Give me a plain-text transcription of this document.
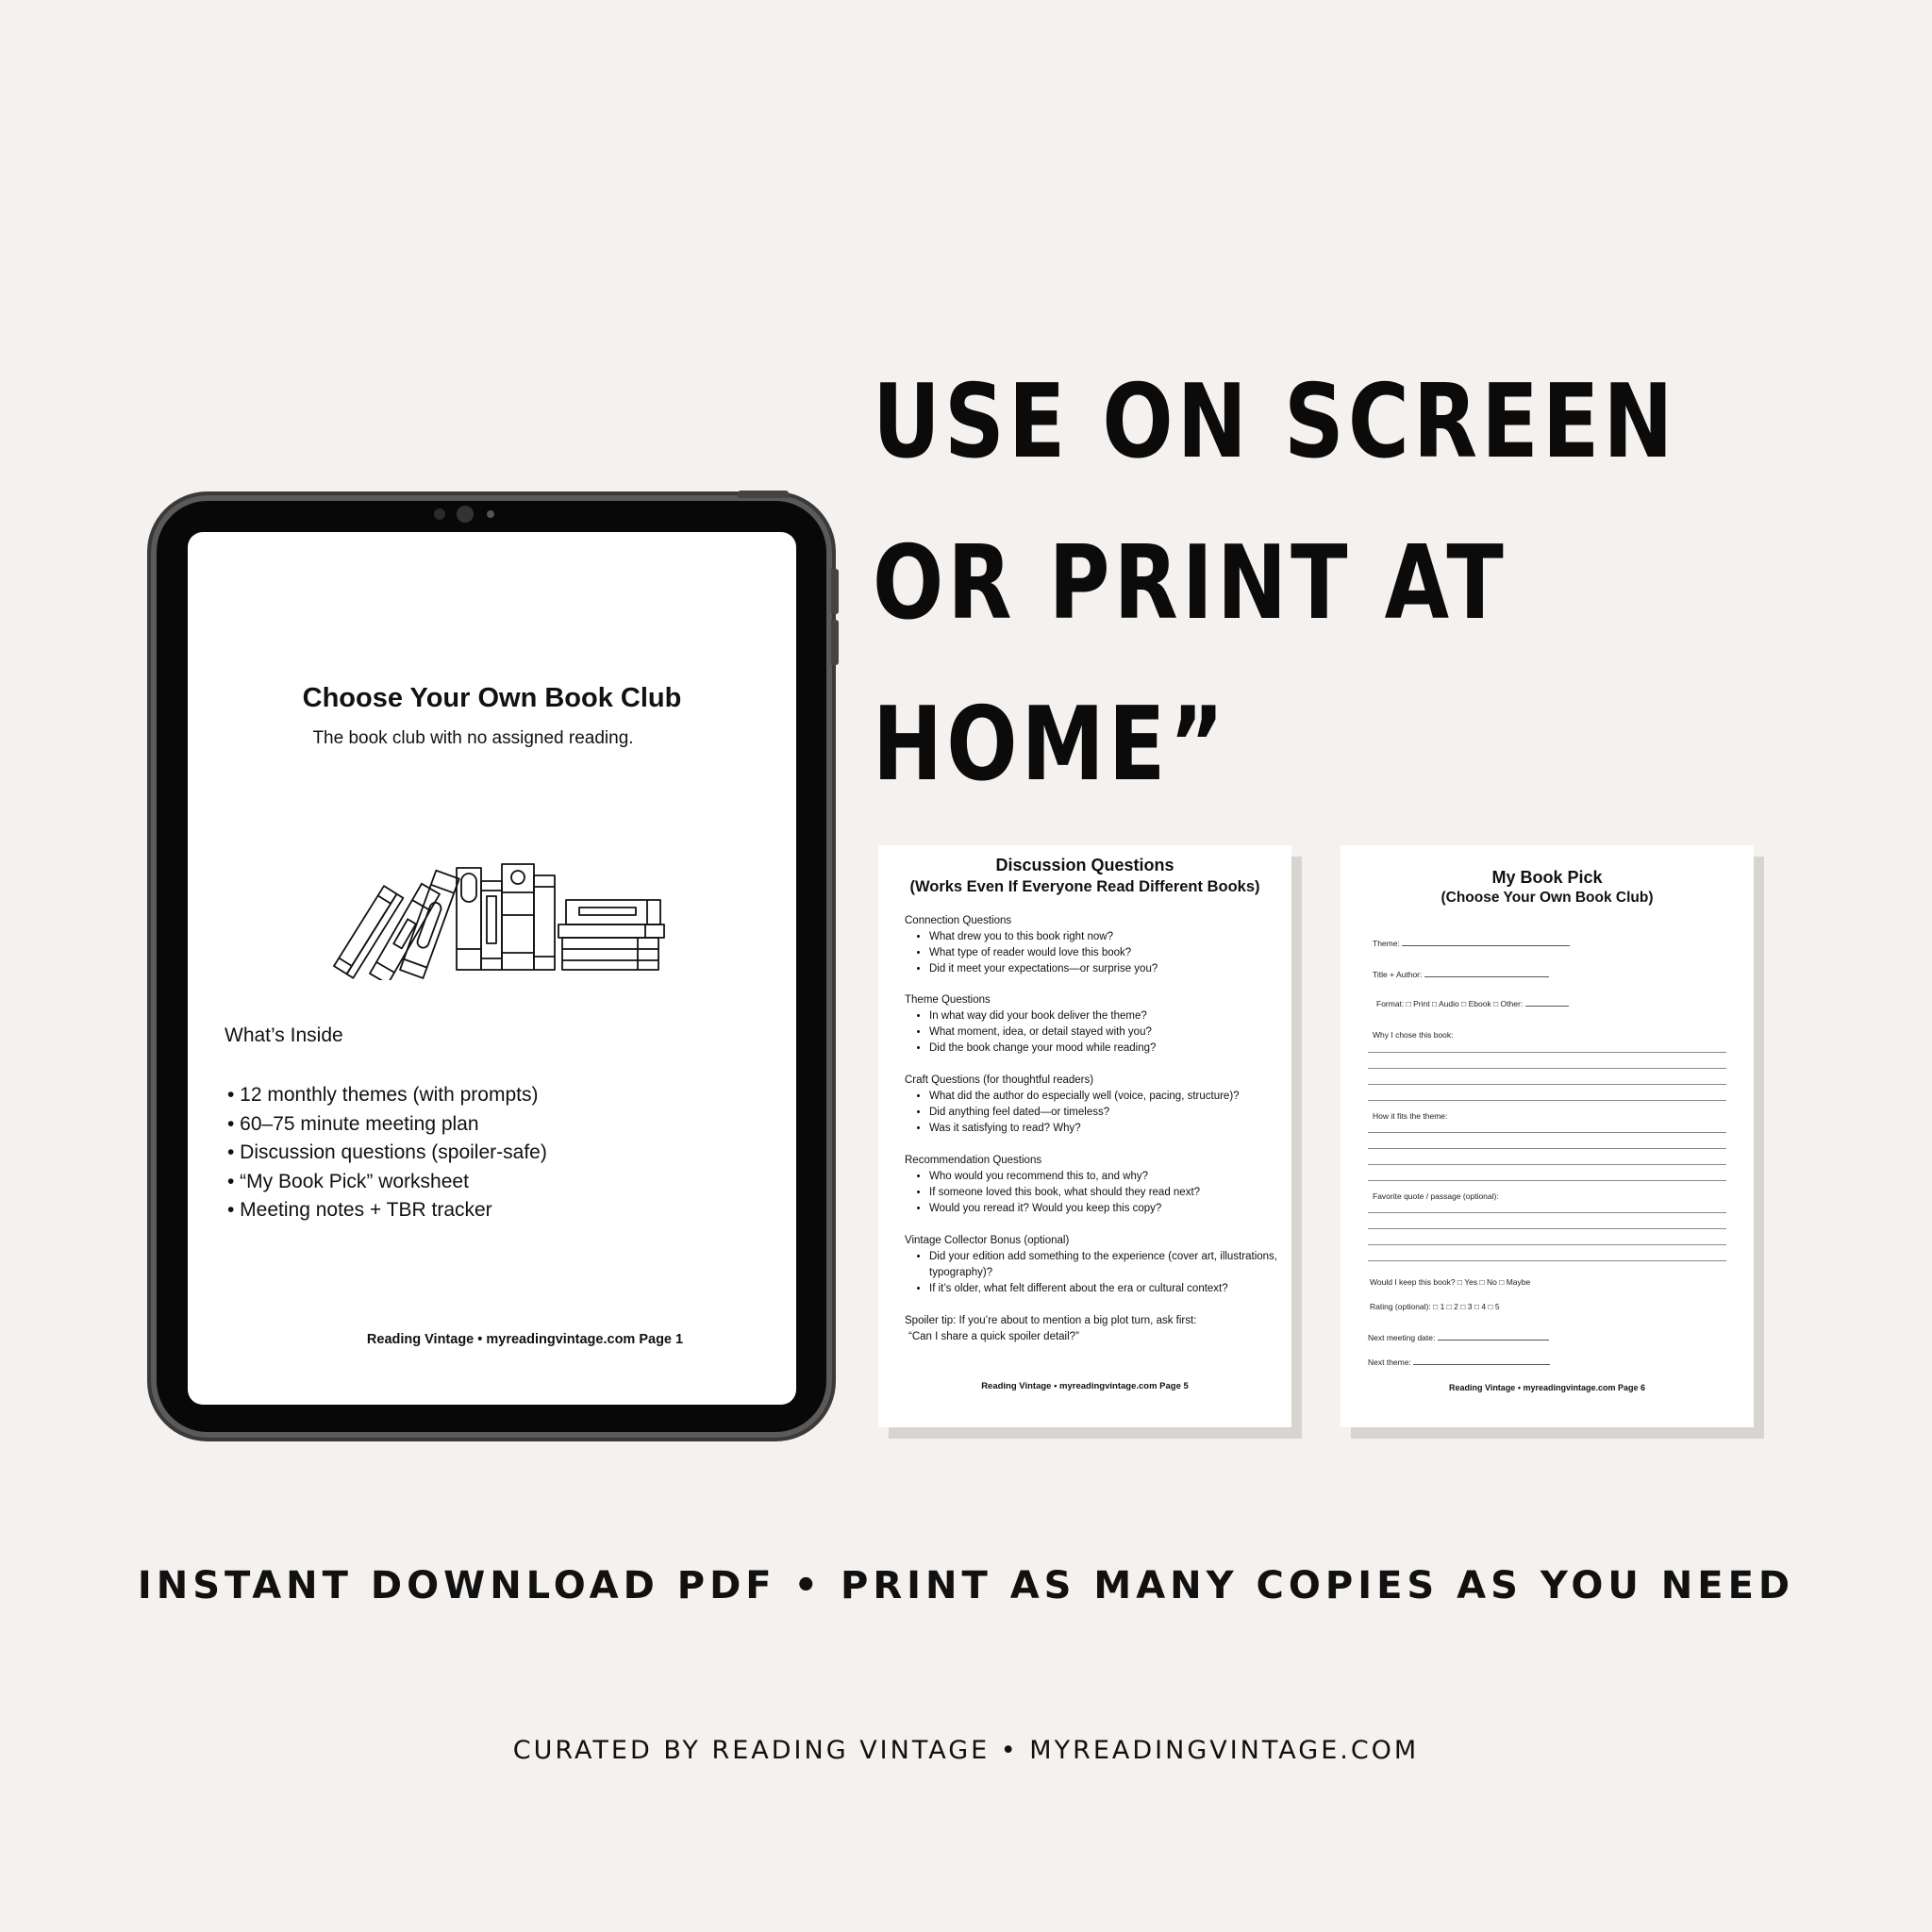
USE ON SCREEN
OR PRINT AT
HOME”
Choose Your Own Book Club
The book club with no assigned reading.
What’s Inside
• 12 monthly themes (with prompts)
• 60–75 minute meeting plan
• Discussion questions (spoiler-safe)
• “My Book Pick” worksheet
• Meeting notes + TBR tracker
Reading Vintage • myreadingvintage.com Page 1
Discussion Questions
(Works Even If Everyone Read Different Books)

Connection Questions

• What drew you to this book right now?
• What type of reader would love this book?
• Did it meet your expectations—or surprise you?

Theme Questions

• In what way did your book deliver the theme?
• What moment, idea, or detail stayed with you?
• Did the book change your mood while reading?

Craft Questions (for thoughtful readers)

• What did the author do especially well (voice, pacing, structure)?
• Did anything feel dated—or timeless?
• Was it satisfying to read? Why?

Recommendation Questions

• Who would you recommend this to, and why?
• If someone loved this book, what should they read next?
• Would you reread it? Would you keep this copy?

Vintage Collector Bonus (optional)

• Did your edition add something to the experience (cover art, illustrations, typography)?
• If it’s older, what felt different about the era or cultural context?

Spoiler tip: If you’re about to mention a big plot turn, ask first:

“Can I share a quick spoiler detail?”

Reading Vintage • myreadingvintage.com Page 5
My Book Pick
(Choose Your Own Book Club)
Theme:
Title + Author:
Format: □ Print □ Audio □ Ebook □ Other:
Why I chose this book:
How it fits the theme:
Favorite quote / passage (optional):
Would I keep this book? □ Yes □ No □ Maybe
Rating (optional): □ 1 □ 2 □ 3 □ 4 □ 5
Next meeting date:
Next theme:
Reading Vintage • myreadingvintage.com Page 6
INSTANT DOWNLOAD PDF • PRINT AS MANY COPIES AS YOU NEED
CURATED BY READING VINTAGE • MYREADINGVINTAGE.COM
